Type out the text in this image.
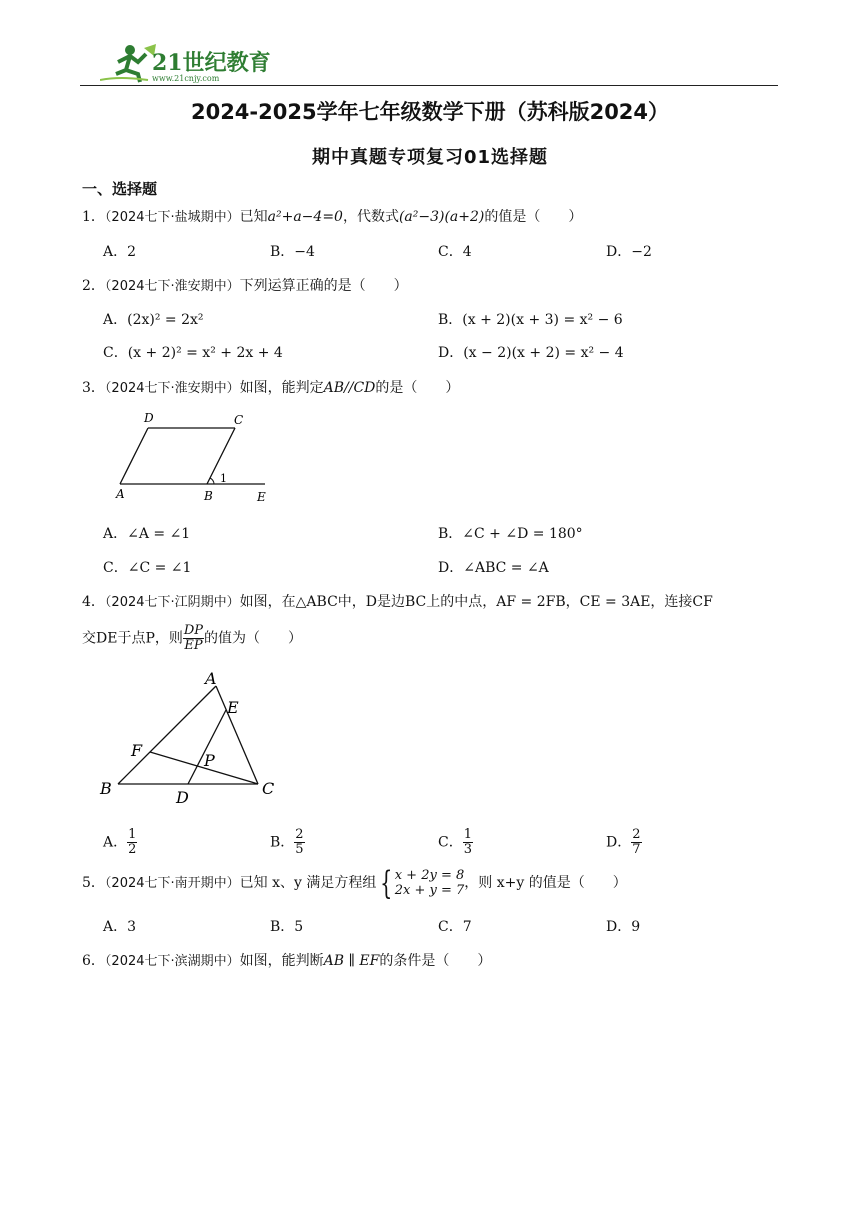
21世纪教育
www.21cnjy.com
2024-2025学年七年级数学下册（苏科版2024）
期中真题专项复习01选择题
一、选择题
1．（2024七下·盐城期中）已知a²+a−4=0，代数式(a²−3)(a+2)的值是（　　）
A．2	B．−4	C．4	D．−2
2．（2024七下·淮安期中）下列运算正确的是（　　）
A．(2x)² = 2x²	B．(x + 2)(x + 3) = x² − 6
C．(x + 2)² = x² + 2x + 4	D．(x − 2)(x + 2) = x² − 4
3．（2024七下·淮安期中）如图，能判定AB//CD的是（　　）
D	C
A	B	E
1
A．∠A = ∠1	B．∠C + ∠D = 180°
C．∠C = ∠1	D．∠ABC = ∠A
4．（2024七下·江阴期中）如图，在△ABC中，D是边BC上的中点，AF = 2FB，CE = 3AE，连接CF
交DE于点P，则 $\frac{DP}{EP}$ 的值为（　　）
A
E
F
P
B	D	C
A． $\frac{1}{2}$	B． $\frac{2}{5}$	C． $\frac{1}{3}$	D． $\frac{2}{7}$
5．（2024七下·南开期中）已知 x、y 满足方程组 { x + 2y = 8
2x + y = 7 ，则 x+y 的值是（　　）
A．3	B．5	C．7	D．9
6．（2024七下·滨湖期中）如图，能判断AB ∥ EF的条件是（　　）
